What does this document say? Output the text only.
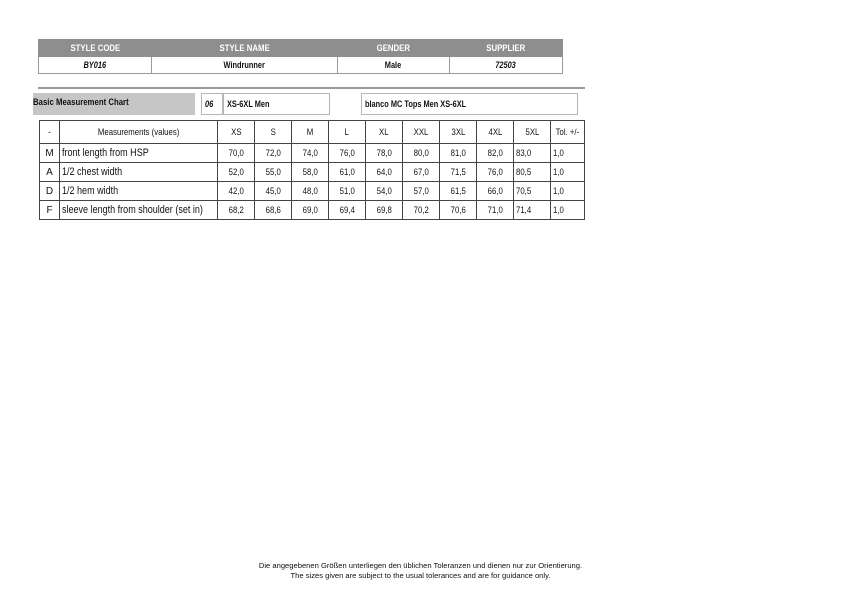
STYLE CODE	STYLE NAME	GENDER	SUPPLIER
BY016	Windrunner	Male	72503
Basic Measurement Chart	06	XS-6XL Men	blanco MC Tops Men XS-6XL
-	Measurements (values)	XS	S	M	L	XL	XXL	3XL	4XL	5XL	Tol. +/-
M	front length from HSP	70,0	72,0	74,0	76,0	78,0	80,0	81,0	82,0	83,0	1,0
A	1/2 chest width	52,0	55,0	58,0	61,0	64,0	67,0	71,5	76,0	80,5	1,0
D	1/2 hem width	42,0	45,0	48,0	51,0	54,0	57,0	61,5	66,0	70,5	1,0
F	sleeve length from shoulder (set in)	68,2	68,6	69,0	69,4	69,8	70,2	70,6	71,0	71,4	1,0
Die angegebenen Größen unterliegen den üblichen Toleranzen und dienen nur zur Orientierung.
The sizes given are subject to the usual tolerances and are for guidance only.
